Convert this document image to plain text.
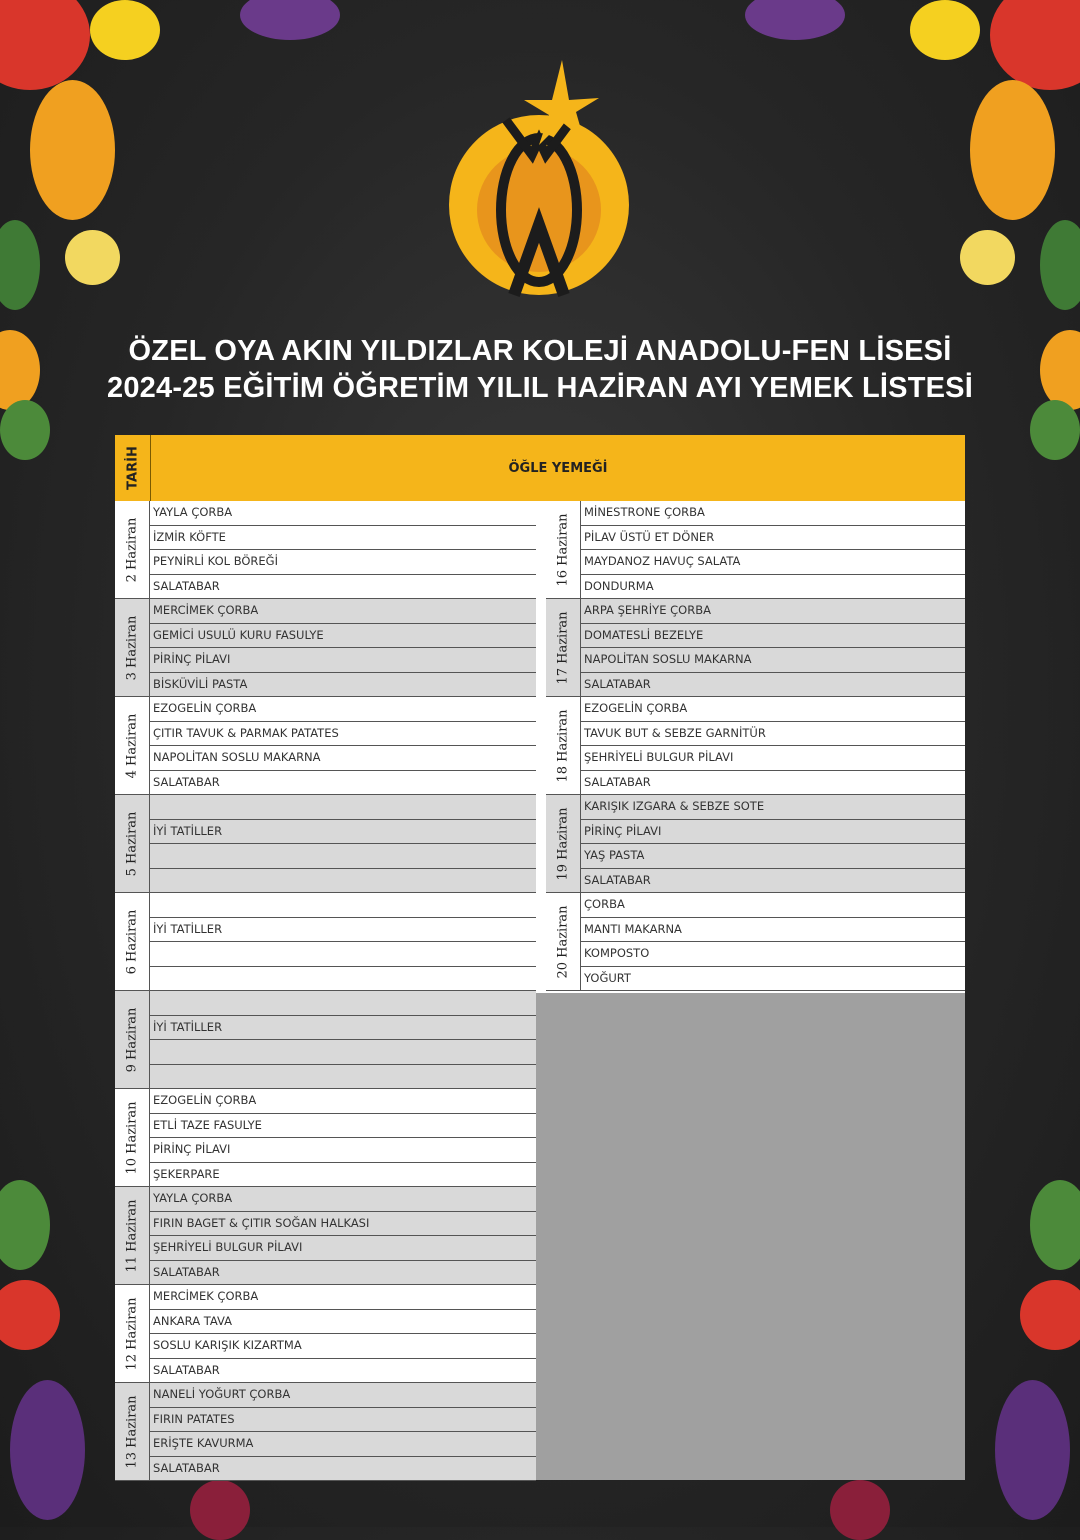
ÖZEL OYA AKIN YILDIZLAR KOLEJİ ANADOLU-FEN LİSESİ
2024-25 EĞİTİM ÖĞRETİM YILIL HAZİRAN AYI YEMEK LİSTESİ
TARİH	ÖĞLE YEMEĞİ
2 Haziran
YAYLA ÇORBA
İZMİR KÖFTE
PEYNİRLİ KOL BÖREĞİ
SALATABAR
3 Haziran
MERCİMEK ÇORBA
GEMİCİ USULÜ KURU FASULYE
PİRİNÇ PİLAVI
BİSKÜVİLİ PASTA
4 Haziran
EZOGELİN ÇORBA
ÇITIR TAVUK & PARMAK PATATES
NAPOLİTAN SOSLU MAKARNA
SALATABAR
5 Haziran İYİ TATİLLER
6 Haziran İYİ TATİLLER
9 Haziran İYİ TATİLLER
10 Haziran
EZOGELİN ÇORBA
ETLİ TAZE FASULYE
PİRİNÇ PİLAVI
ŞEKERPARE
11 Haziran
YAYLA ÇORBA
FIRIN BAGET & ÇITIR SOĞAN HALKASI
ŞEHRİYELİ BULGUR PİLAVI
SALATABAR
12 Haziran
MERCİMEK ÇORBA
ANKARA TAVA
SOSLU KARIŞIK KIZARTMA
SALATABAR
13 Haziran
NANELİ YOĞURT ÇORBA
FIRIN PATATES
ERİŞTE KAVURMA
SALATABAR
16 Haziran
MİNESTRONE ÇORBA
PİLAV ÜSTÜ ET DÖNER
MAYDANOZ HAVUÇ SALATA
DONDURMA
17 Haziran
ARPA ŞEHRİYE ÇORBA
DOMATESLİ BEZELYE
NAPOLİTAN SOSLU MAKARNA
SALATABAR
18 Haziran
EZOGELİN ÇORBA
TAVUK BUT & SEBZE GARNİTÜR
ŞEHRİYELİ BULGUR PİLAVI
SALATABAR
19 Haziran
KARIŞIK IZGARA & SEBZE SOTE
PİRİNÇ PİLAVI
YAŞ PASTA
SALATABAR
20 Haziran
ÇORBA
MANTI MAKARNA
KOMPOSTO
YOĞURT
